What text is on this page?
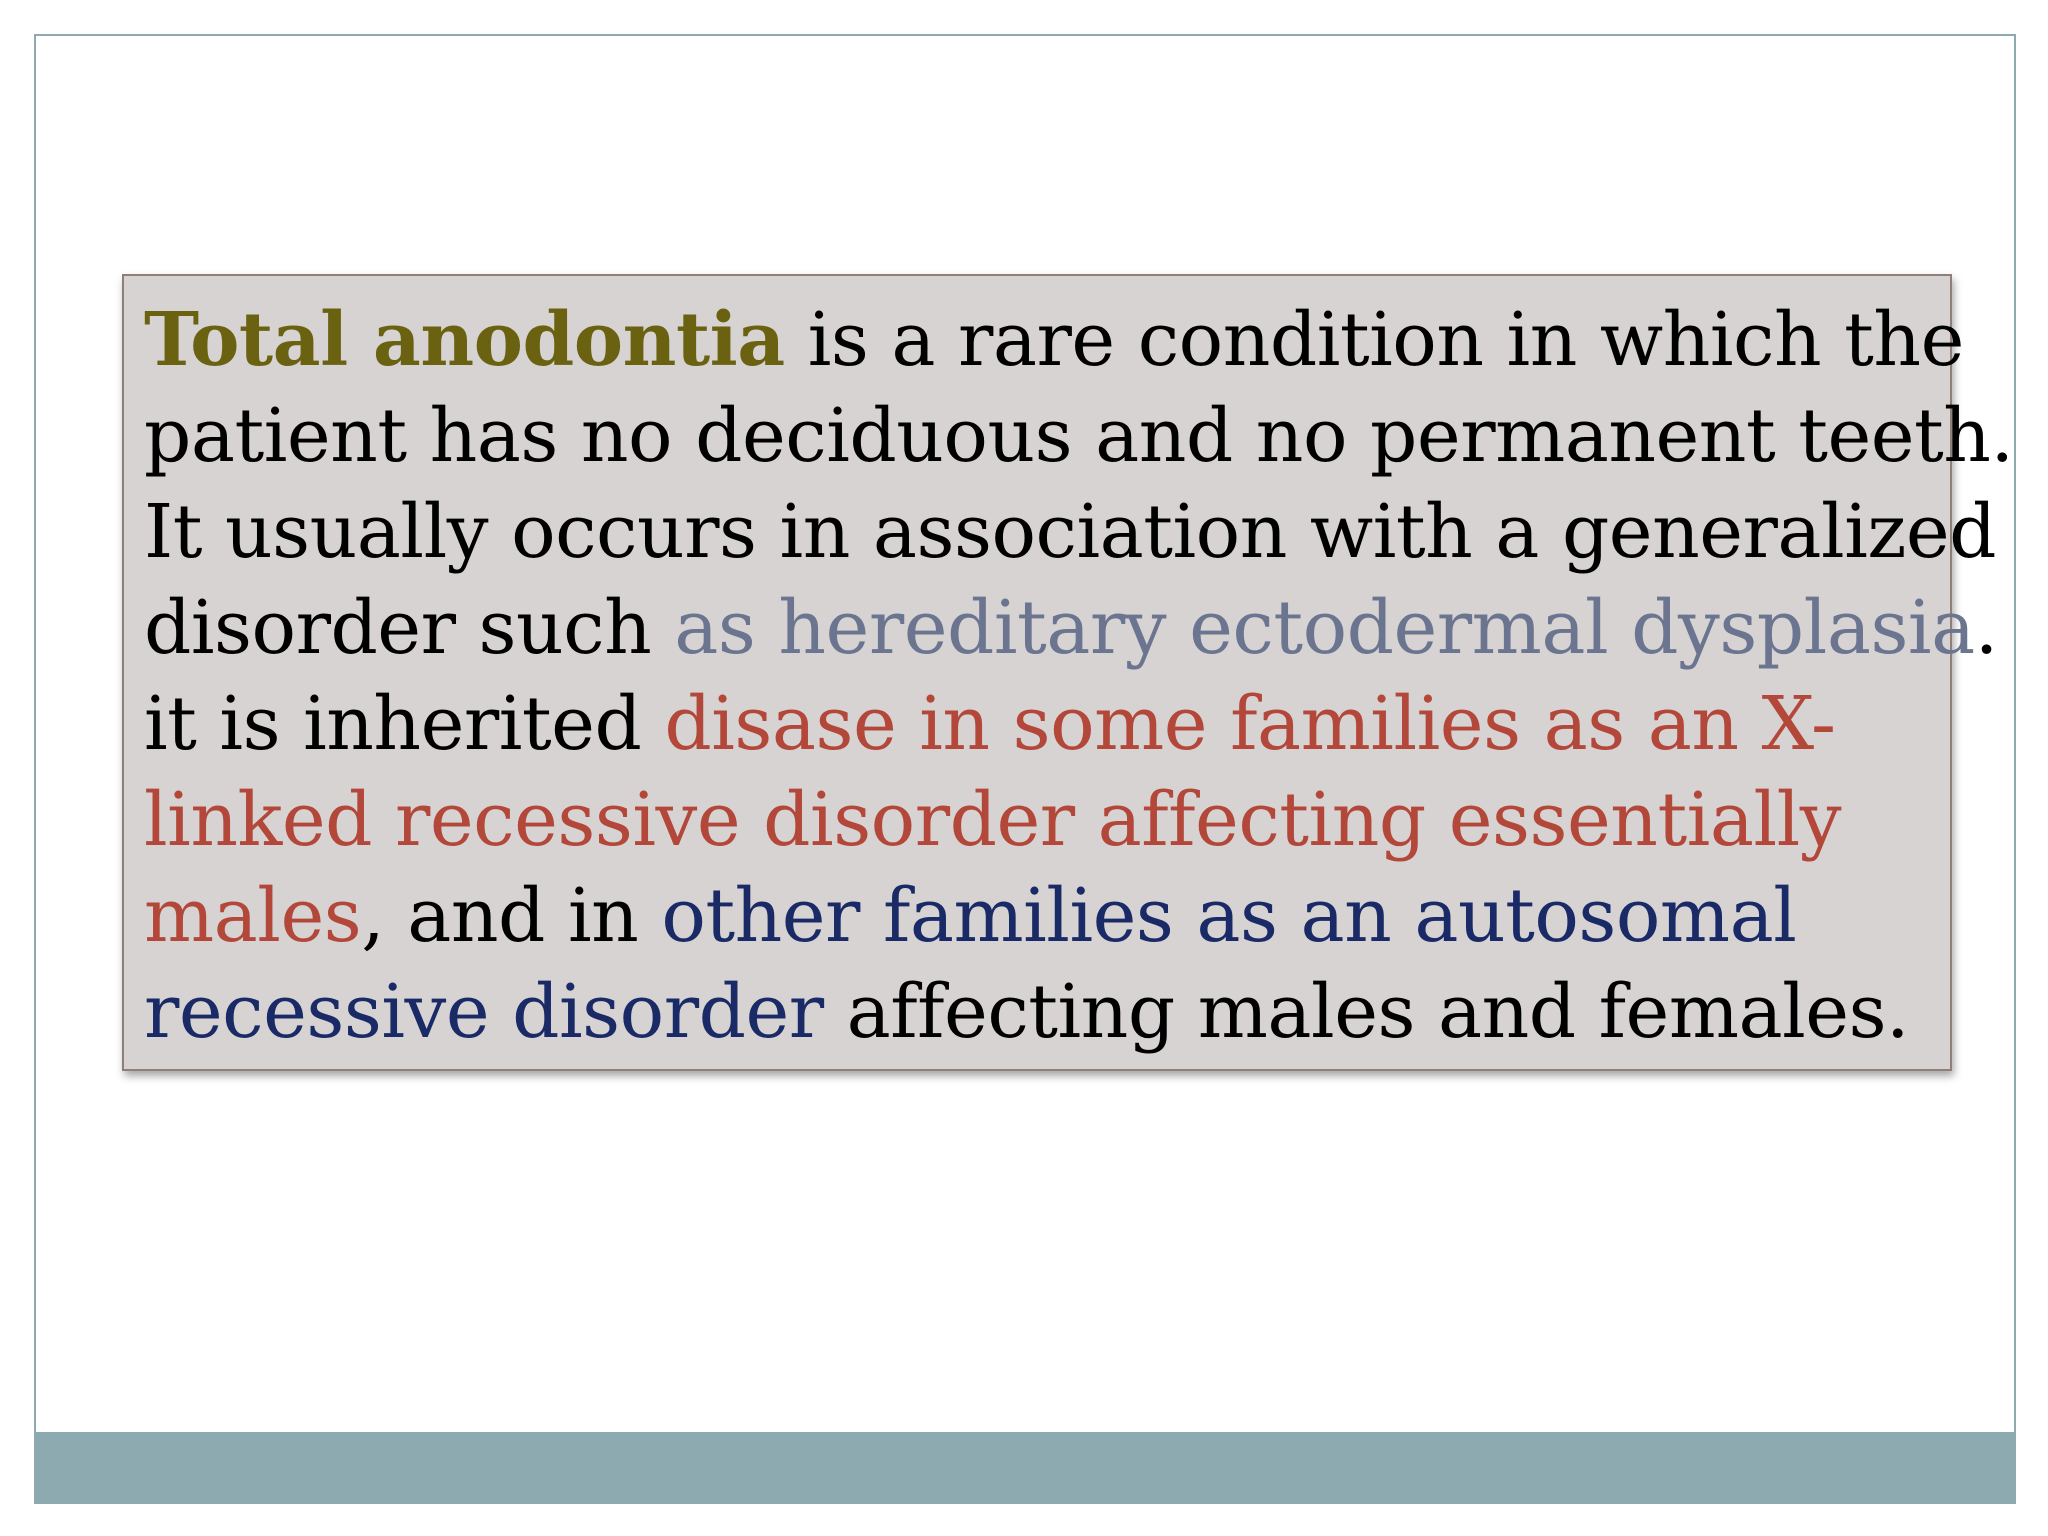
Total anodontia is a rare condition in which the
patient has no deciduous and no permanent teeth.
It usually occurs in association with a generalized
disorder such as hereditary ectodermal dysplasia.
it is inherited disase in some families as an X-
linked recessive disorder affecting essentially
males, and in other families as an autosomal
recessive disorder affecting males and females.
